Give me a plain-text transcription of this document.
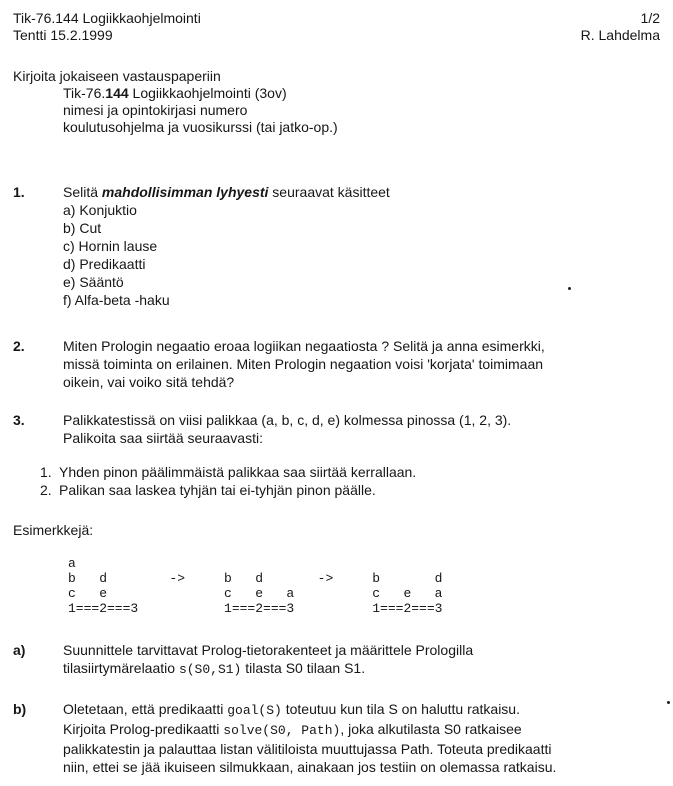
Tik-76.144 Logiikkaohjelmointi
Tentti 15.2.1999
1/2
R. Lahdelma
Kirjoita jokaiseen vastauspaperiin
Tik-76.144 Logiikkaohjelmointi (3ov)
nimesi ja opintokirjasi numero
koulutusohjelma ja vuosikurssi (tai jatko-op.)
1.	Selitä mahdollisimman lyhyesti seuraavat käsitteet
a) Konjuktio
b) Cut
c) Hornin lause
d) Predikaatti
e) Sääntö
f) Alfa-beta -haku
2.	Miten Prologin negaatio eroaa logiikan negaatiosta ? Selitä ja anna esimerkki,
missä toiminta on erilainen. Miten Prologin negaation voisi 'korjata' toimimaan
oikein, vai voiko sitä tehdä?
3.	Palikkatestissä on viisi palikkaa (a, b, c, d, e) kolmessa pinossa (1, 2, 3).
Palikoita saa siirtää seuraavasti:
1. Yhden pinon päälimmäistä palikkaa saa siirtää kerrallaan.
2. Palikan saa laskea tyhjän tai ei-tyhjän pinon päälle.
Esimerkkejä:
a
b   d        ->     b   d       ->     b       d
c   e               c   e   a          c   e   a
1===2===3           1===2===3          1===2===3
a)	Suunnittele tarvittavat Prolog-tietorakenteet ja määrittele Prologilla
tilasiirtymärelaatio s(S0,S1) tilasta S0 tilaan S1.
b)	Oletetaan, että predikaatti goal(S) toteutuu kun tila S on haluttu ratkaisu.
Kirjoita Prolog-predikaatti solve(S0, Path), joka alkutilasta S0 ratkaisee
palikkatestin ja palauttaa listan välitiloista muuttujassa Path. Toteuta predikaatti
niin, ettei se jää ikuiseen silmukkaan, ainakaan jos testiin on olemassa ratkaisu.
